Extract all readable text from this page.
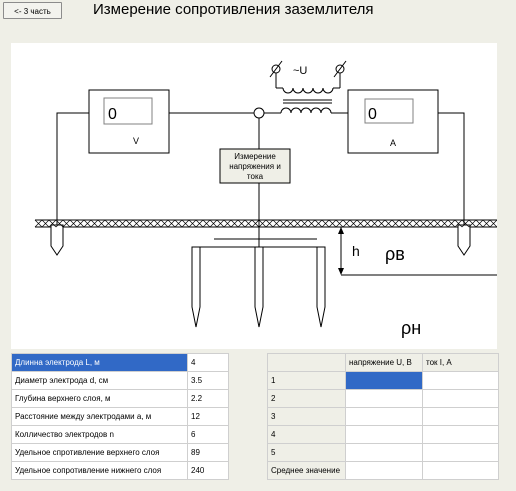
<- 3 часть	Измерение сопротивления заземлителя
Измерение
напряжения и
тока
0
V
0
A
~U
h ρв
ρн
Длинна электрода L, м	4
Диаметр электрода d, см	3.5
Глубина верхнего слоя, м	2.2
Расстояние между электродами a, м	12
Колличество электродов n	6
Удельное спротивление верхнего слоя	89
Удельное сопротивление нижнего слоя	240
	напряжение U, В	ток I, А
1		
2		
3		
4		
5		
Среднее значение		
